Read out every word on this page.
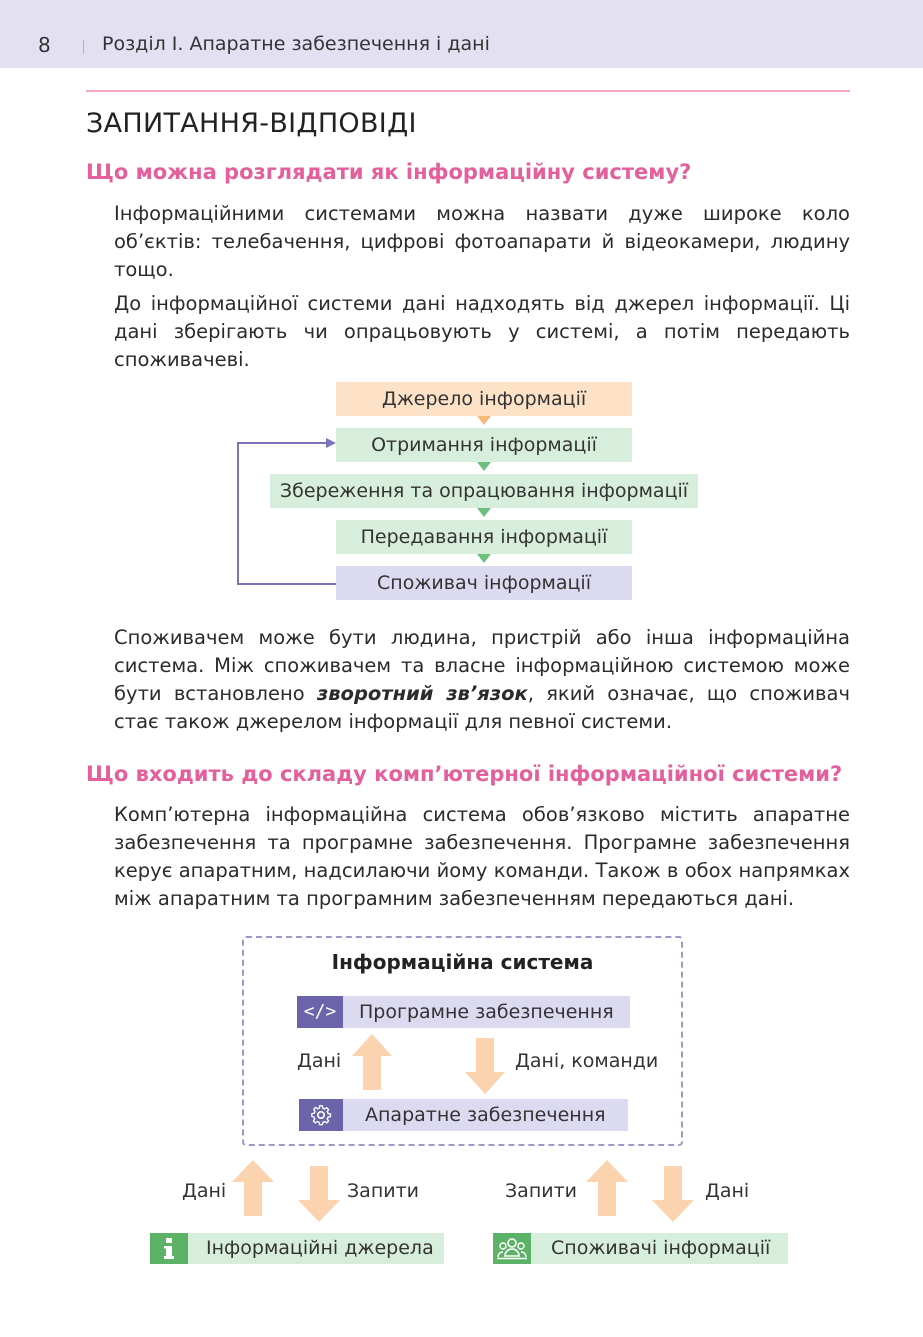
8	Розділ I. Апаратне забезпечення і дані
ЗАПИТАННЯ-ВІДПОВІДІ
Що можна розглядати як інформаційну систему?

Інформаційними системами можна назвати дуже широке коло об’єктів: телебачення, цифрові фотоапарати й відеокамери, людину тощо.

До інформаційної системи дані надходять від джерел інформації. Ці дані зберігають чи опрацьовують у системі, а потім передають споживачеві.

Джерело інформації
Отримання інформації
Збереження та опрацювання інформації
Передавання інформації
Споживач інформації

Споживачем може бути людина, пристрій або інша інформаційна система. Між споживачем та власне інформаційною системою може бути встановлено зворотний зв’язок, який означає, що споживач стає також джерелом інформації для певної системи.

Що входить до складу комп’ютерної інформаційної системи?

Комп’ютерна інформаційна система обов’язково містить апаратне забезпечення та програмне забезпечення. Програмне забезпечення керує апаратним, надсилаючи йому команди. Також в обох напрямках між апаратним та програмним забезпеченням передаються дані.

Інформаційна система
</>	Програмне забезпечення
Дані	Дані, команди
Апаратне забезпечення
Дані	Запити	Запити	Дані
Інформаційні джерела	Споживачі інформації
